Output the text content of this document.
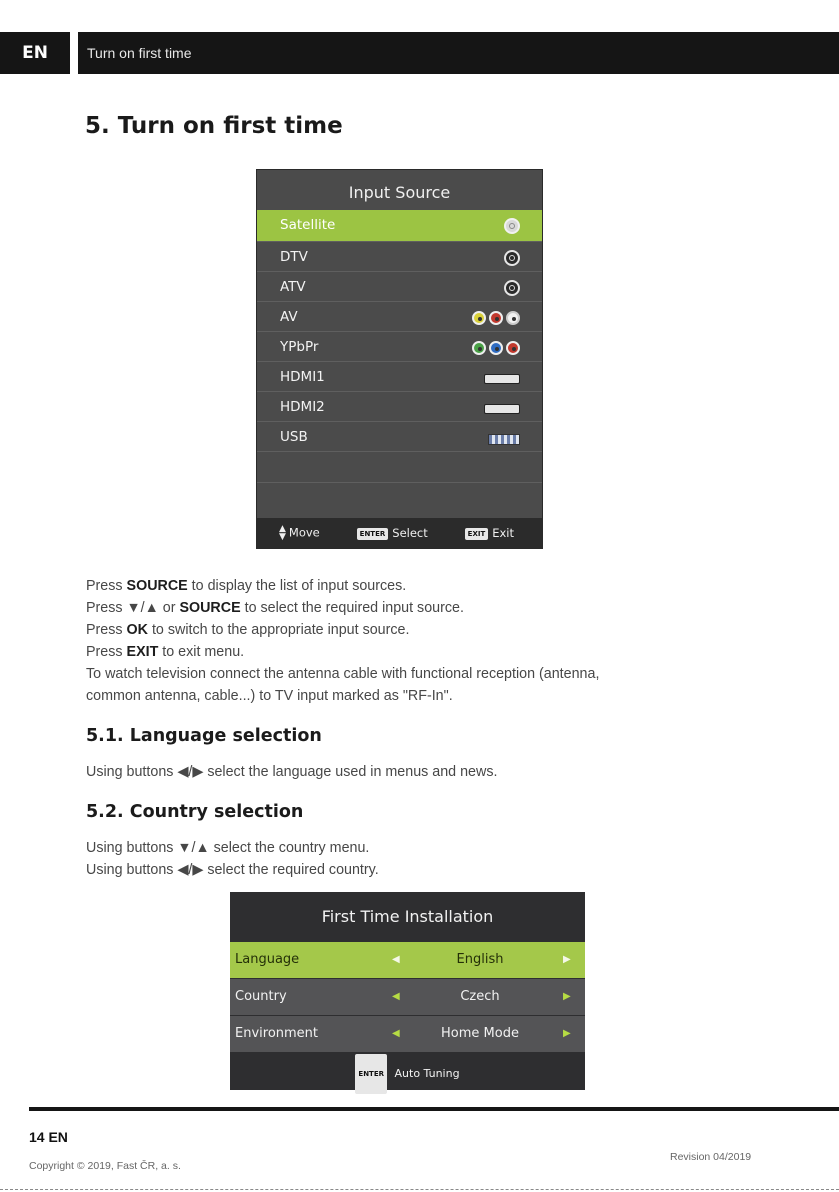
EN	Turn on first time
5. Turn on first time
Input Source
Satellite
DTV
ATV
AV
YPbPr
HDMI1
HDMI2
USB
▲
▼ Move	ENTER Select	EXIT Exit

Press SOURCE to display the list of input sources.

Press ▼/▲ or SOURCE to select the required input source.

Press OK to switch to the appropriate input source.

Press EXIT to exit menu.

To watch television connect the antenna cable with functional reception (antenna,

common antenna, cable...) to TV input marked as "RF-In".

5.1. Language selection

Using buttons ◀/▶ select the language used in menus and news.

5.2. Country selection

Using buttons ▼/▲ select the country menu.

Using buttons ◀/▶ select the required country.

First Time Installation
Language	◀	English	▶
Country	◀	Czech	▶
Environment	◀	Home Mode	▶
ENTER Auto Tuning
14 EN
Copyright © 2019, Fast ČR, a. s.
Revision 04/2019
